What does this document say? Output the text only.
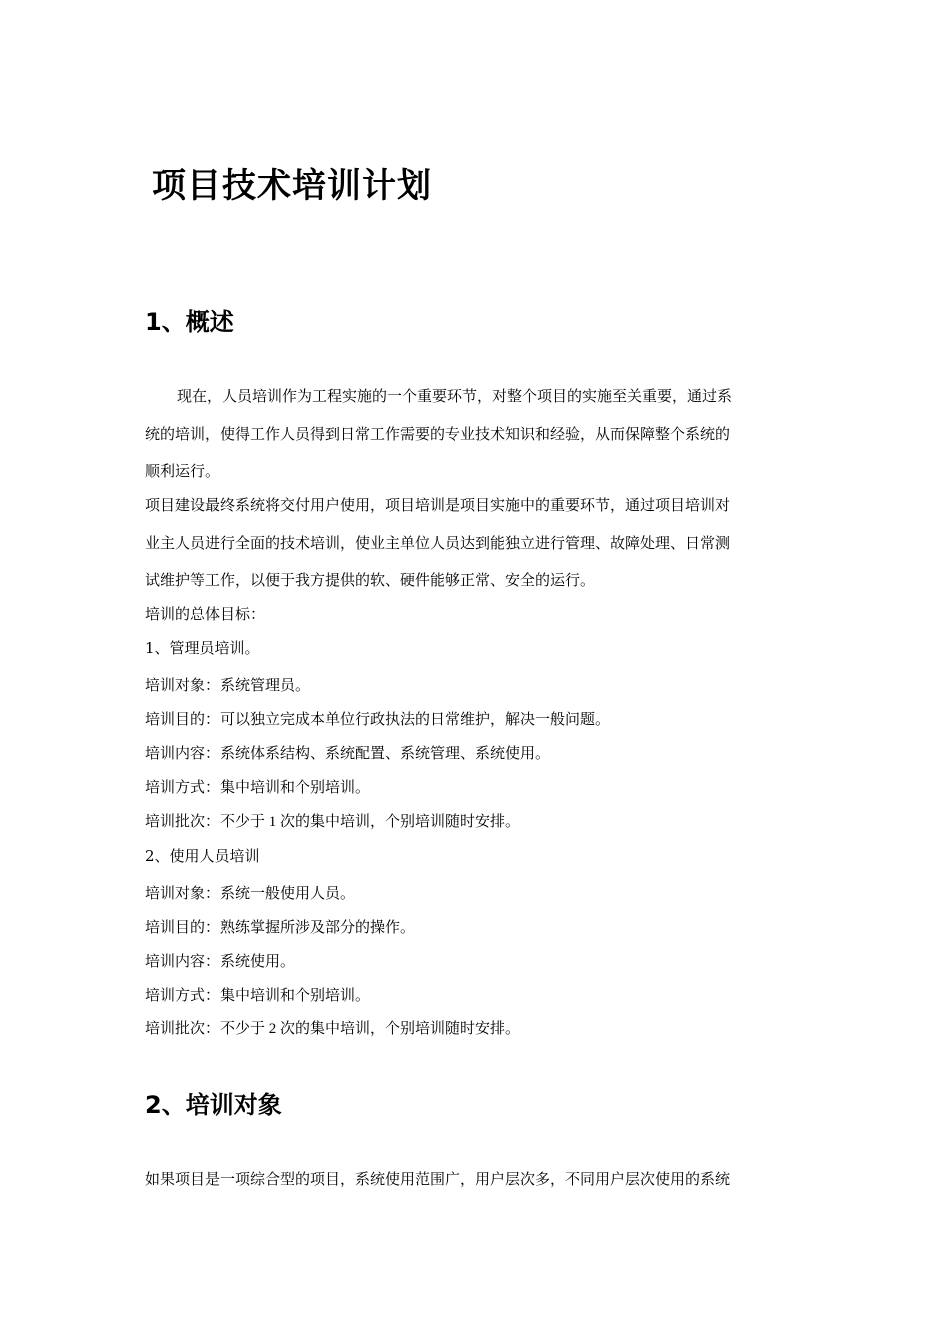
项目技术培训计划
1、概述
现在，人员培训作为工程实施的一个重要环节，对整个项目的实施至关重要，通过系
统的培训，使得工作人员得到日常工作需要的专业技术知识和经验，从而保障整个系统的
顺利运行。
项目建设最终系统将交付用户使用，项目培训是项目实施中的重要环节，通过项目培训对
业主人员进行全面的技术培训，使业主单位人员达到能独立进行管理、故障处理、日常测
试维护等工作，以便于我方提供的软、硬件能够正常、安全的运行。
培训的总体目标：
1、管理员培训。
培训对象：系统管理员。
培训目的：可以独立完成本单位行政执法的日常维护，解决一般问题。
培训内容：系统体系结构、系统配置、系统管理、系统使用。
培训方式：集中培训和个别培训。
培训批次：不少于 1 次的集中培训，个别培训随时安排。
2、使用人员培训
培训对象：系统一般使用人员。
培训目的：熟练掌握所涉及部分的操作。
培训内容：系统使用。
培训方式：集中培训和个别培训。
培训批次：不少于 2 次的集中培训，个别培训随时安排。
2、培训对象
如果项目是一项综合型的项目，系统使用范围广，用户层次多，不同用户层次使用的系统
